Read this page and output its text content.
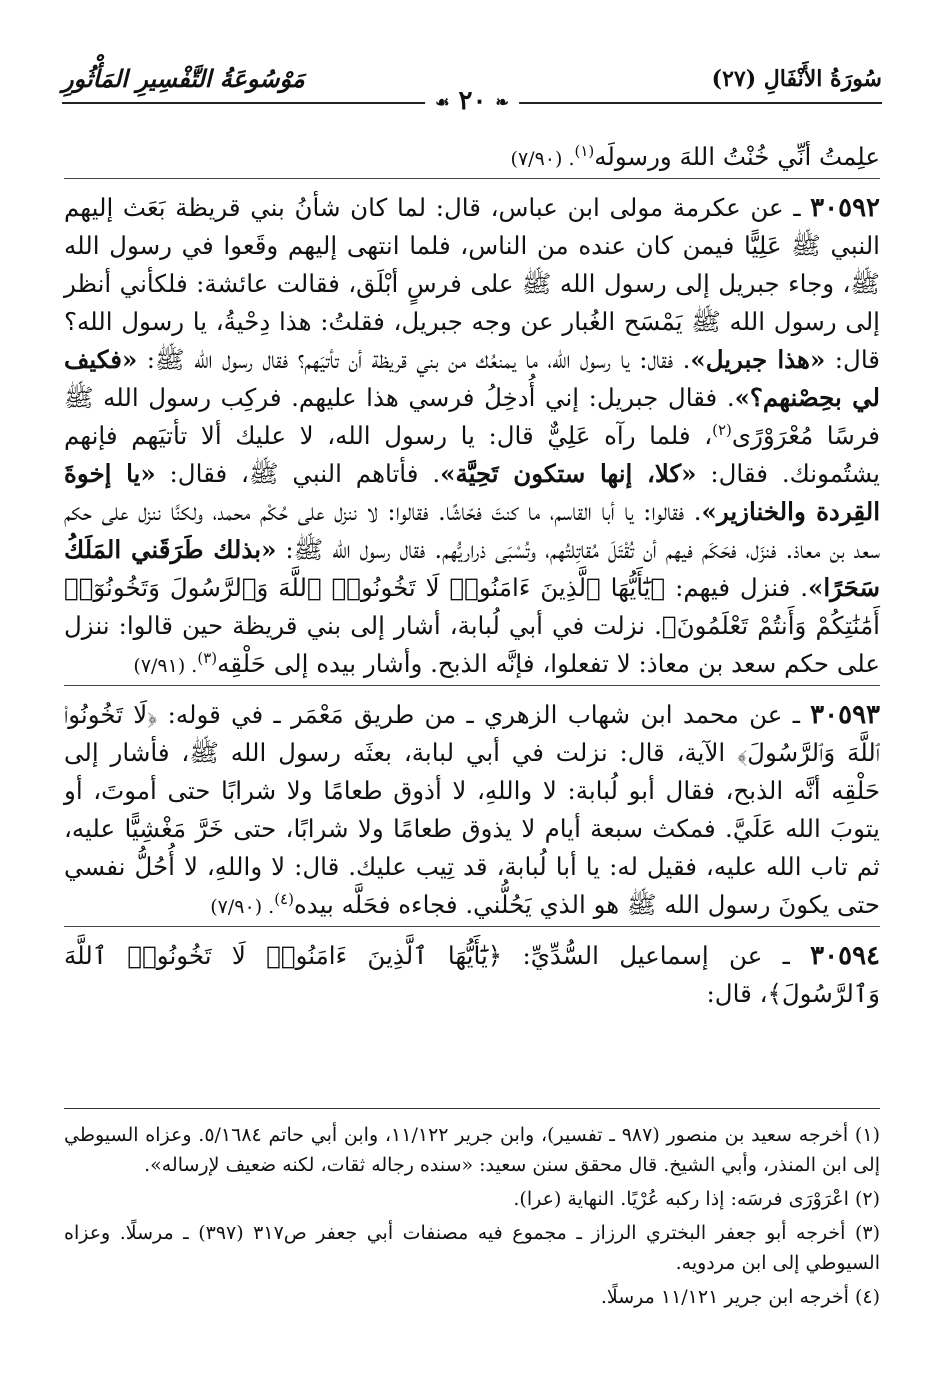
سُورَةُ الأَنْفَالِ (٢٧)
مَوْسُوعَةُ التَّفْسِيرِ المَأْثُورِ
❧ ٢٠ ☙

علِمتُ أنِّي خُنْتُ اللهَ ورسولَه$^{(١)}$. (٧/٩٠)

٣٠٥٩٢ ـ عن عكرمة مولى ابن عباس، قال: لما كان شأنُ بني قريظة بَعَث إليهم النبي ﷺ عَلِيًّا فيمن كان عنده من الناس، فلما انتهى إليهم وقَعوا في رسول الله ﷺ، وجاء جبريل إلى رسول الله ﷺ على فرسٍ أبْلَق، فقالت عائشة: فلكأني أنظر إلى رسول الله ﷺ يَمْسَح الغُبار عن وجه جبريل، فقلتُ: هذا دِحْيةُ، يا رسول الله؟ قال: «هذا جبريل». فقال: يا رسول الله، ما يمنعُك من بني قريظة أن تأتيَهم؟ فقال رسول الله ﷺ: «فكيف لي بحِصْنهم؟». فقال جبريل: إني أُدخِلُ فرسي هذا عليهم. فركِب رسول الله ﷺ فرسًا مُعْرَوْرًى$^{(٢)}$، فلما رآه عَلِيٌّ قال: يا رسول الله، لا عليك ألا تأتيَهم فإنهم يشتُمونك. فقال: «كلا، إنها ستكون تَحِيَّة». فأتاهم النبي ﷺ، فقال: «يا إخوةَ القِردة والخنازير». فقالوا: يا أبا القاسم، ما كنتَ فحّاشًا. فقالوا: لا ننزل على حُكْم محمد، ولكنَّا ننزل على حكم سعد بن معاذ. فنزَل، فحَكَم فيهم أن تُقْتَلَ مُقاتِلتُهم، وتُسْبَى ذراريُّهم. فقال رسول الله ﷺ: «بذلك طَرَقَني المَلَكُ سَحَرًا». فنزل فيهم: ﴿يَٰٓأَيُّهَا ٱلَّذِينَ ءَامَنُوا۟ لَا تَخُونُوا۟ ٱللَّهَ وَٱلرَّسُولَ وَتَخُونُوٓا۟ أَمَٰنَٰتِكُمْ وَأَنتُمْ تَعْلَمُونَ﴾. نزلت في أبي لُبابة، أشار إلى بني قريظة حين قالوا: ننزل على حكم سعد بن معاذ: لا تفعلوا، فإنَّه الذبح. وأشار بيده إلى حَلْقِه$^{(٣)}$. (٧/٩١)

٣٠٥٩٣ ـ عن محمد ابن شهاب الزهري ـ من طريق مَعْمَر ـ في قوله: ﴿لَا تَخُونُوا۟ ٱللَّهَ وَٱلرَّسُولَ﴾ الآية، قال: نزلت في أبي لبابة، بعثَه رسول الله ﷺ، فأشار إلى حَلْقِه أنَّه الذبح، فقال أبو لُبابة: لا واللهِ، لا أذوق طعامًا ولا شرابًا حتى أموتَ، أو يتوبَ الله عَلَيَّ. فمكث سبعة أيام لا يذوق طعامًا ولا شرابًا، حتى خَرَّ مَغْشِيًّا عليه، ثم تاب الله عليه، فقيل له: يا أبا لُبابة، قد تِيب عليك. قال: لا واللهِ، لا أُحُلُّ نفسي حتى يكونَ رسول الله ﷺ هو الذي يَحُلُّني. فجاءه فحَلَّه بيده$^{(٤)}$. (٧/٩٠)

٣٠٥٩٤ ـ عن إسماعيل السُّدِّيِّ: ﴿يَٰٓأَيُّهَا ٱلَّذِينَ ءَامَنُوا۟ لَا تَخُونُوا۟ ٱللَّهَ وَٱلرَّسُولَ﴾، قال:

(١) أخرجه سعيد بن منصور (٩٨٧ ـ تفسير)، وابن جرير ١١/١٢٢، وابن أبي حاتم ٥/١٦٨٤. وعزاه السيوطي إلى ابن المنذر، وأبي الشيخ. قال محقق سنن سعيد: «سنده رجاله ثقات، لكنه ضعيف لإرساله».

(٢) اعْرَوْرَى فرسَه: إذا ركبه عُرْيًا. النهاية (عرا).

(٣) أخرجه أبو جعفر البختري الرزاز ـ مجموع فيه مصنفات أبي جعفر ص٣١٧ (٣٩٧) ـ مرسلًا. وعزاه السيوطي إلى ابن مردويه.

(٤) أخرجه ابن جرير ١١/١٢١ مرسلًا.
